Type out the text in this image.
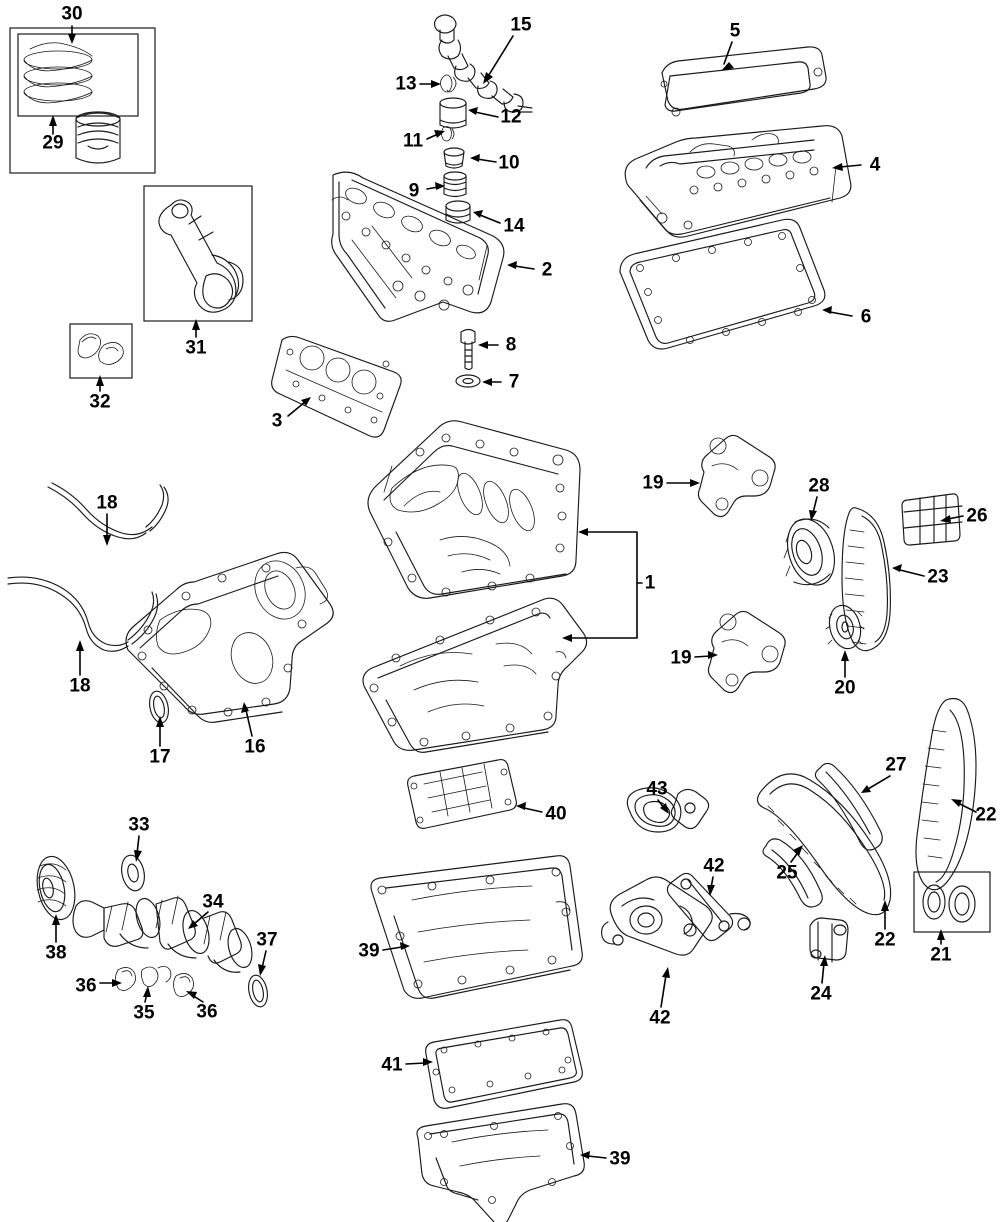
30
29
15
13
12
11
10
9
14
5
4
6
2
8
7
3
31
32
18
18
17	16
1
19
19
28
26
23
20
27
22
22
25
21
24
40
43
42
42
39
41
39
33
38
34
37
36
35 36
